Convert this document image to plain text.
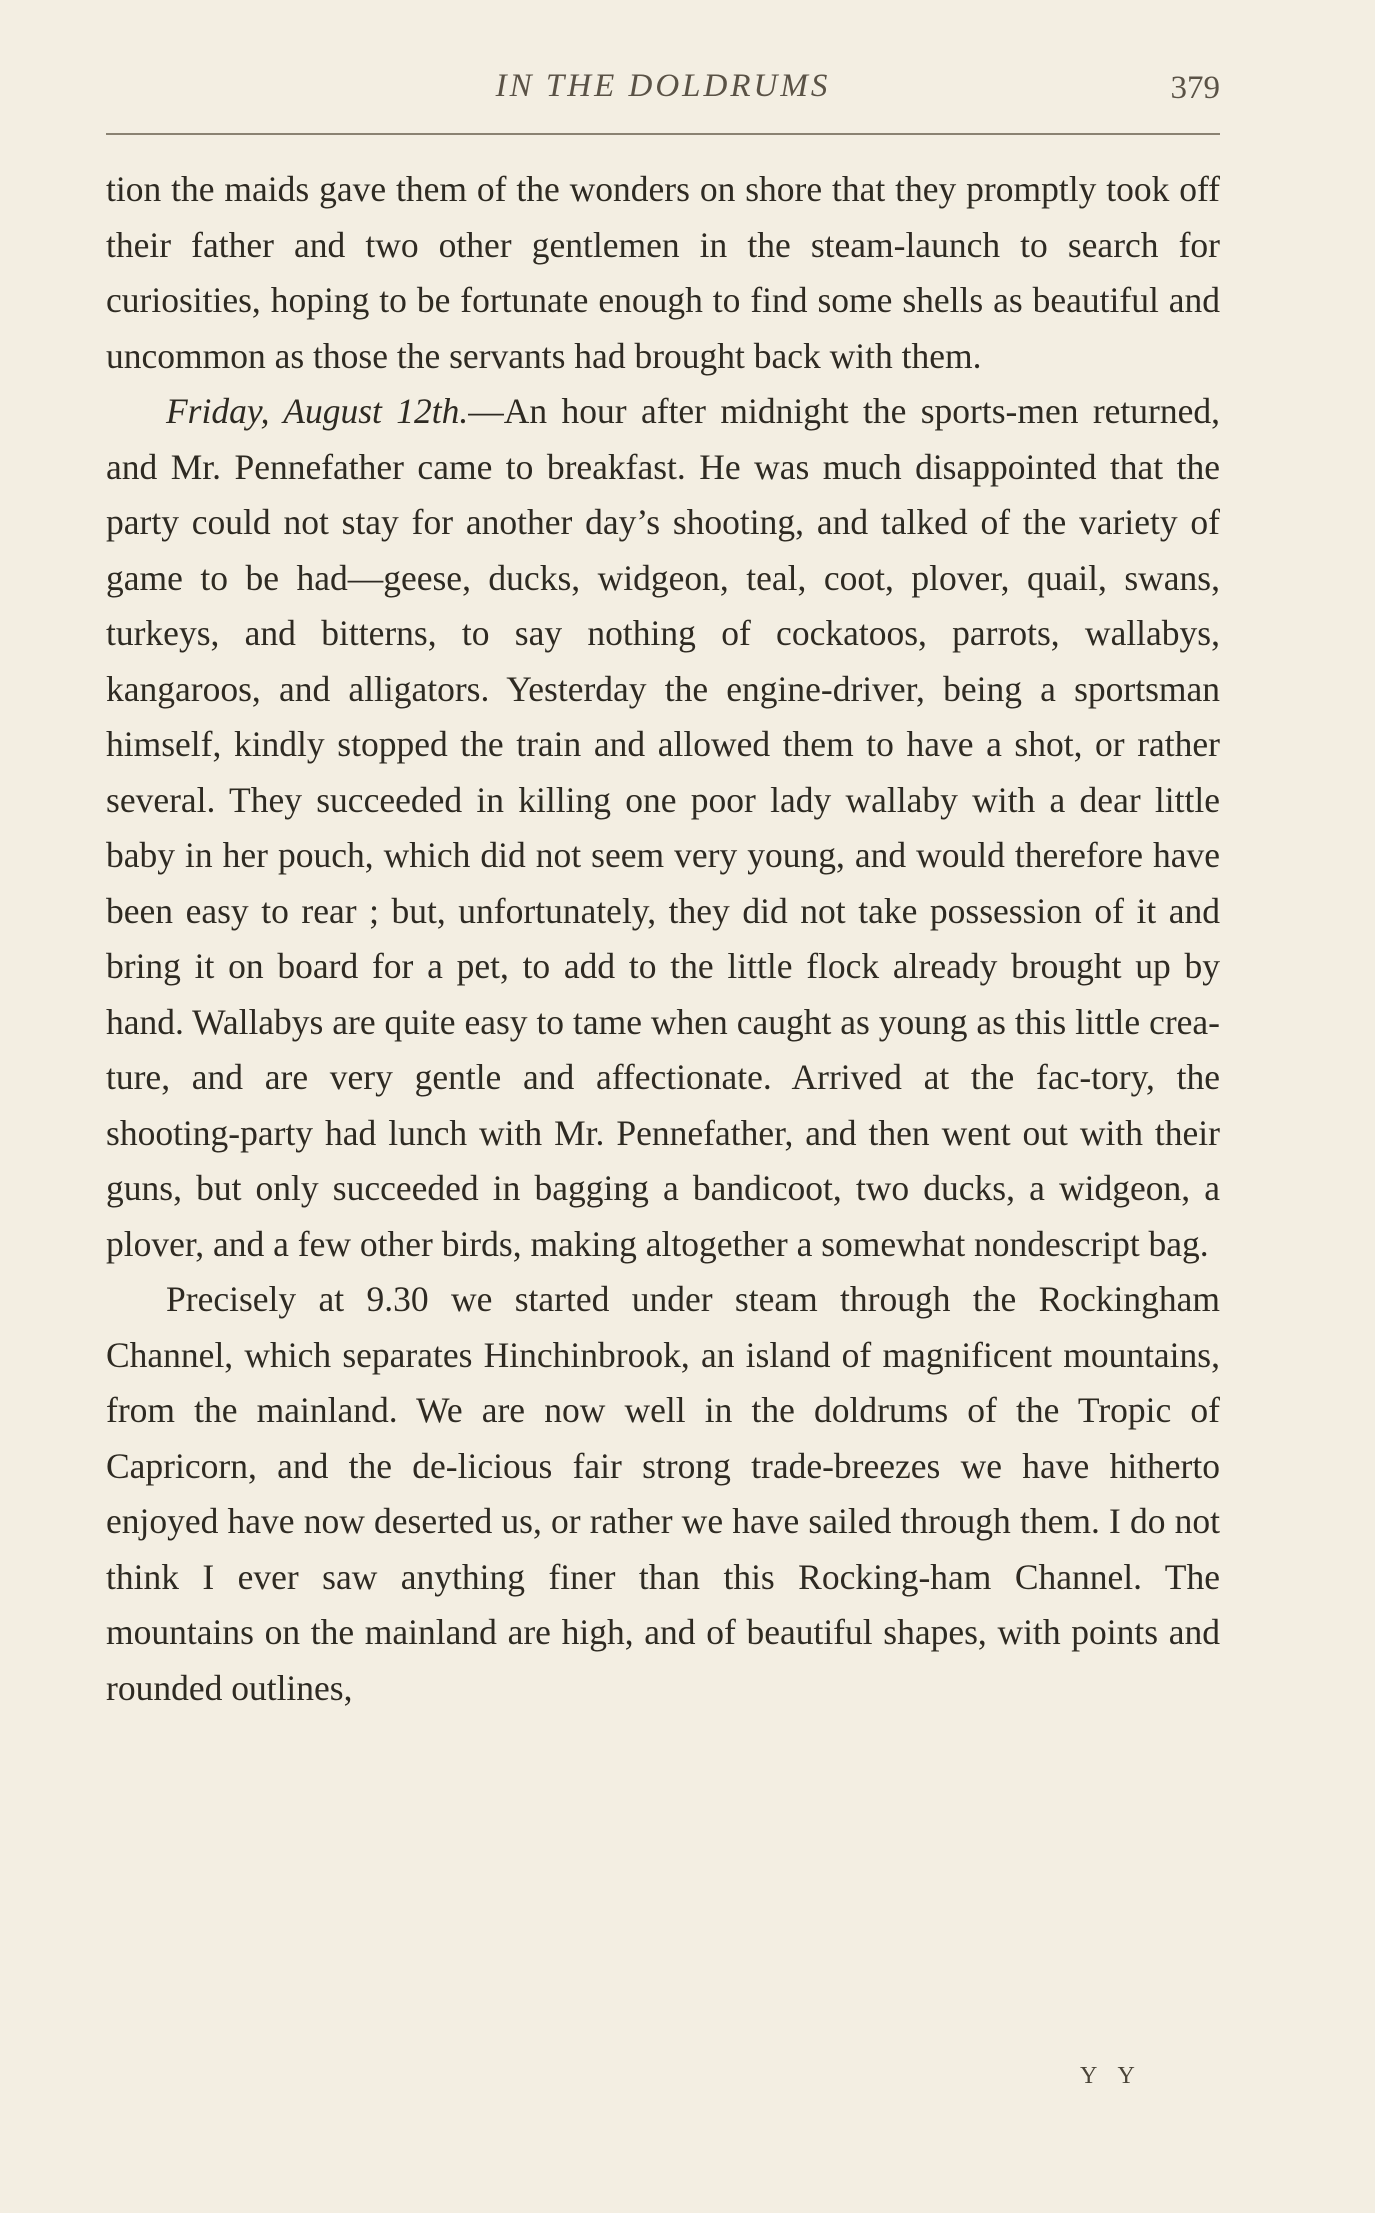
IN THE DOLDRUMS	379

tion the maids gave them of the wonders on shore that they promptly took off their father and two other gentlemen in the steam-launch to search for curiosities, hoping to be fortunate enough to find some shells as beautiful and uncommon as those the servants had brought back with them.

Friday, August 12th.—An hour after midnight the sports-men returned, and Mr. Pennefather came to breakfast. He was much disappointed that the party could not stay for another day’s shooting, and talked of the variety of game to be had—geese, ducks, widgeon, teal, coot, plover, quail, swans, turkeys, and bitterns, to say nothing of cockatoos, parrots, wallabys, kangaroos, and alligators. Yesterday the engine-driver, being a sportsman himself, kindly stopped the train and allowed them to have a shot, or rather several. They succeeded in killing one poor lady wallaby with a dear little baby in her pouch, which did not seem very young, and would therefore have been easy to rear ; but, unfortunately, they did not take possession of it and bring it on board for a pet, to add to the little flock already brought up by hand. Wallabys are quite easy to tame when caught as young as this little crea-ture, and are very gentle and affectionate. Arrived at the fac-tory, the shooting-party had lunch with Mr. Pennefather, and then went out with their guns, but only succeeded in bagging a bandicoot, two ducks, a widgeon, a plover, and a few other birds, making altogether a somewhat nondescript bag.

Precisely at 9.30 we started under steam through the Rockingham Channel, which separates Hinchinbrook, an island of magnificent mountains, from the mainland. We are now well in the doldrums of the Tropic of Capricorn, and the de-licious fair strong trade-breezes we have hitherto enjoyed have now deserted us, or rather we have sailed through them. I do not think I ever saw anything finer than this Rocking-ham Channel. The mountains on the mainland are high, and of beautiful shapes, with points and rounded outlines,

Y Y
